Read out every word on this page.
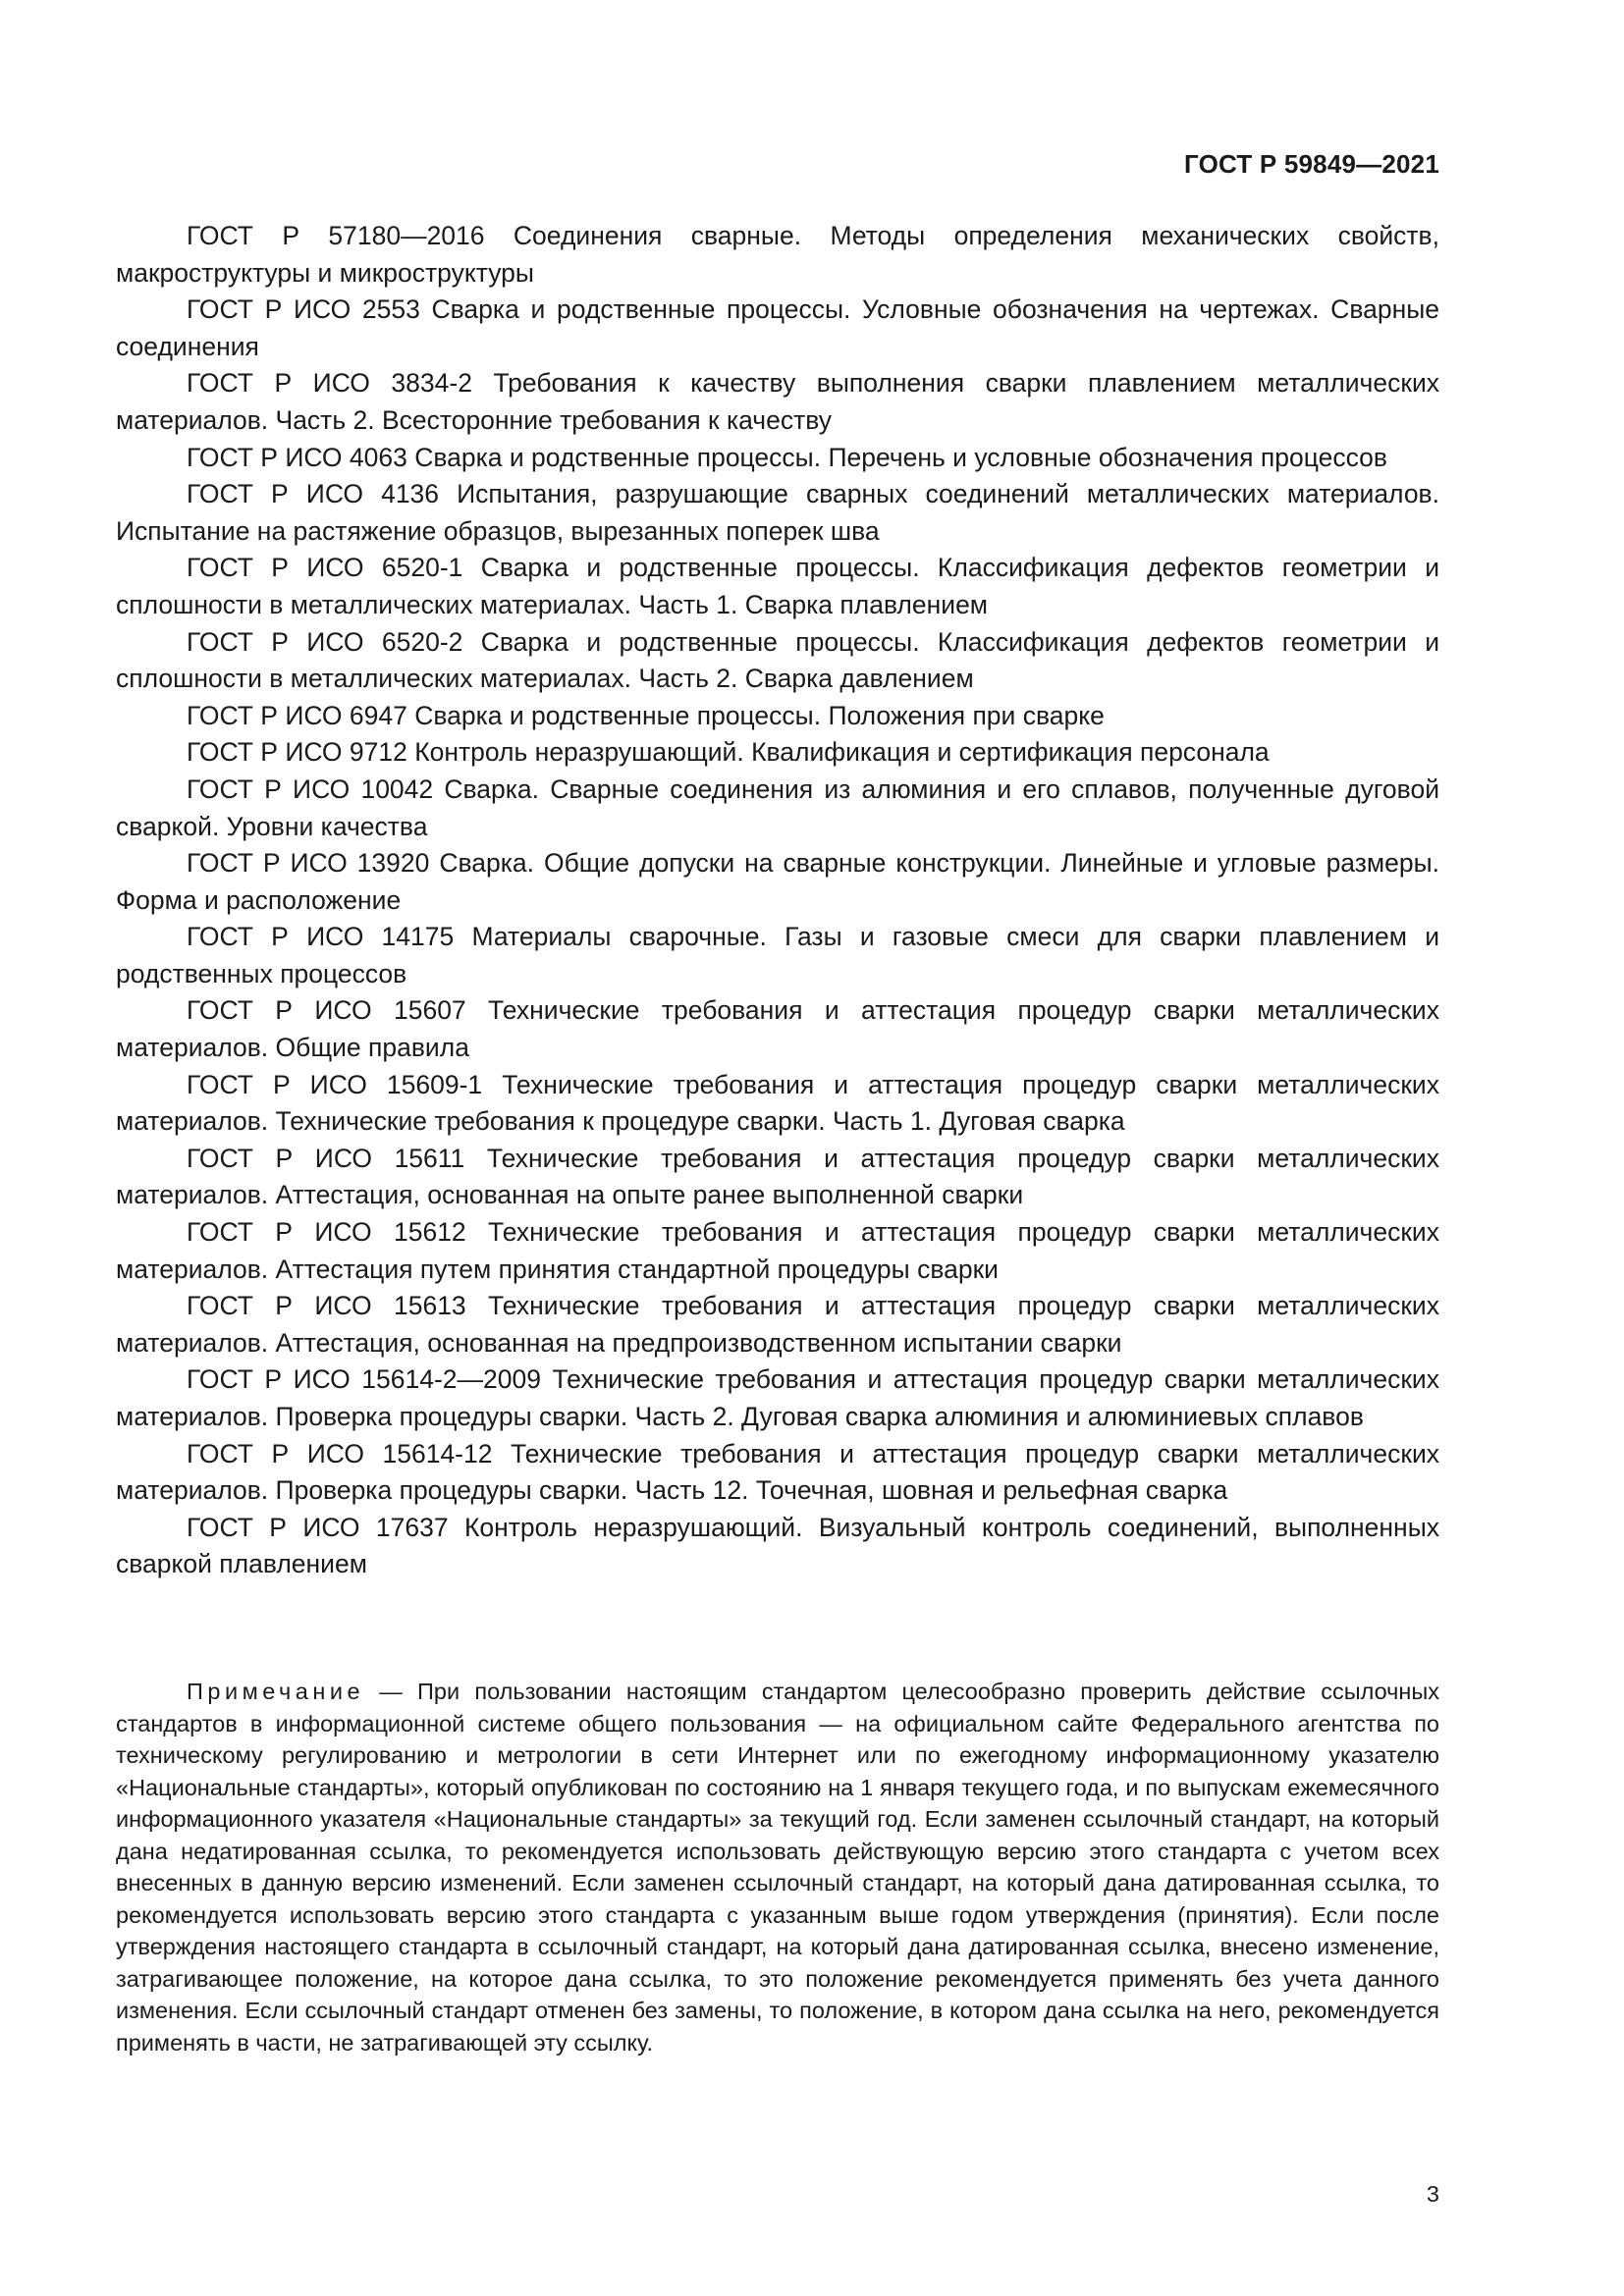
ГОСТ Р 59849—2021

ГОСТ Р 57180—2016 Соединения сварные. Методы определения механических свойств, макроструктуры и микроструктуры

ГОСТ Р ИСО 2553 Сварка и родственные процессы. Условные обозначения на чертежах. Сварные соединения

ГОСТ Р ИСО 3834-2 Требования к качеству выполнения сварки плавлением металлических материалов. Часть 2. Всесторонние требования к качеству

ГОСТ Р ИСО 4063 Сварка и родственные процессы. Перечень и условные обозначения процессов

ГОСТ Р ИСО 4136 Испытания, разрушающие сварных соединений металлических материалов. Испытание на растяжение образцов, вырезанных поперек шва

ГОСТ Р ИСО 6520-1 Сварка и родственные процессы. Классификация дефектов геометрии и сплошности в металлических материалах. Часть 1. Сварка плавлением

ГОСТ Р ИСО 6520-2 Сварка и родственные процессы. Классификация дефектов геометрии и сплошности в металлических материалах. Часть 2. Сварка давлением

ГОСТ Р ИСО 6947 Сварка и родственные процессы. Положения при сварке

ГОСТ Р ИСО 9712 Контроль неразрушающий. Квалификация и сертификация персонала

ГОСТ Р ИСО 10042 Сварка. Сварные соединения из алюминия и его сплавов, полученные дуговой сваркой. Уровни качества

ГОСТ Р ИСО 13920 Сварка. Общие допуски на сварные конструкции. Линейные и угловые размеры. Форма и расположение

ГОСТ Р ИСО 14175 Материалы сварочные. Газы и газовые смеси для сварки плавлением и родственных процессов

ГОСТ Р ИСО 15607 Технические требования и аттестация процедур сварки металлических материалов. Общие правила

ГОСТ Р ИСО 15609-1 Технические требования и аттестация процедур сварки металлических материалов. Технические требования к процедуре сварки. Часть 1. Дуговая сварка

ГОСТ Р ИСО 15611 Технические требования и аттестация процедур сварки металлических материалов. Аттестация, основанная на опыте ранее выполненной сварки

ГОСТ Р ИСО 15612 Технические требования и аттестация процедур сварки металлических материалов. Аттестация путем принятия стандартной процедуры сварки

ГОСТ Р ИСО 15613 Технические требования и аттестация процедур сварки металлических материалов. Аттестация, основанная на предпроизводственном испытании сварки

ГОСТ Р ИСО 15614-2—2009 Технические требования и аттестация процедур сварки металлических материалов. Проверка процедуры сварки. Часть 2. Дуговая сварка алюминия и алюминиевых сплавов

ГОСТ Р ИСО 15614-12 Технические требования и аттестация процедур сварки металлических материалов. Проверка процедуры сварки. Часть 12. Точечная, шовная и рельефная сварка

ГОСТ Р ИСО 17637 Контроль неразрушающий. Визуальный контроль соединений, выполненных сваркой плавлением

Примечание — При пользовании настоящим стандартом целесообразно проверить действие ссылочных стандартов в информационной системе общего пользования — на официальном сайте Федерального агентства по техническому регулированию и метрологии в сети Интернет или по ежегодному информационному указателю «Национальные стандарты», который опубликован по состоянию на 1 января текущего года, и по выпускам ежемесячного информационного указателя «Национальные стандарты» за текущий год. Если заменен ссылочный стандарт, на который дана недатированная ссылка, то рекомендуется использовать действующую версию этого стандарта с учетом всех внесенных в данную версию изменений. Если заменен ссылочный стандарт, на который дана датированная ссылка, то рекомендуется использовать версию этого стандарта с указанным выше годом утверждения (принятия). Если после утверждения настоящего стандарта в ссылочный стандарт, на который дана датированная ссылка, внесено изменение, затрагивающее положение, на которое дана ссылка, то это положение рекомендуется применять без учета данного изменения. Если ссылочный стандарт отменен без замены, то положение, в котором дана ссылка на него, рекомендуется применять в части, не затрагивающей эту ссылку.

3
